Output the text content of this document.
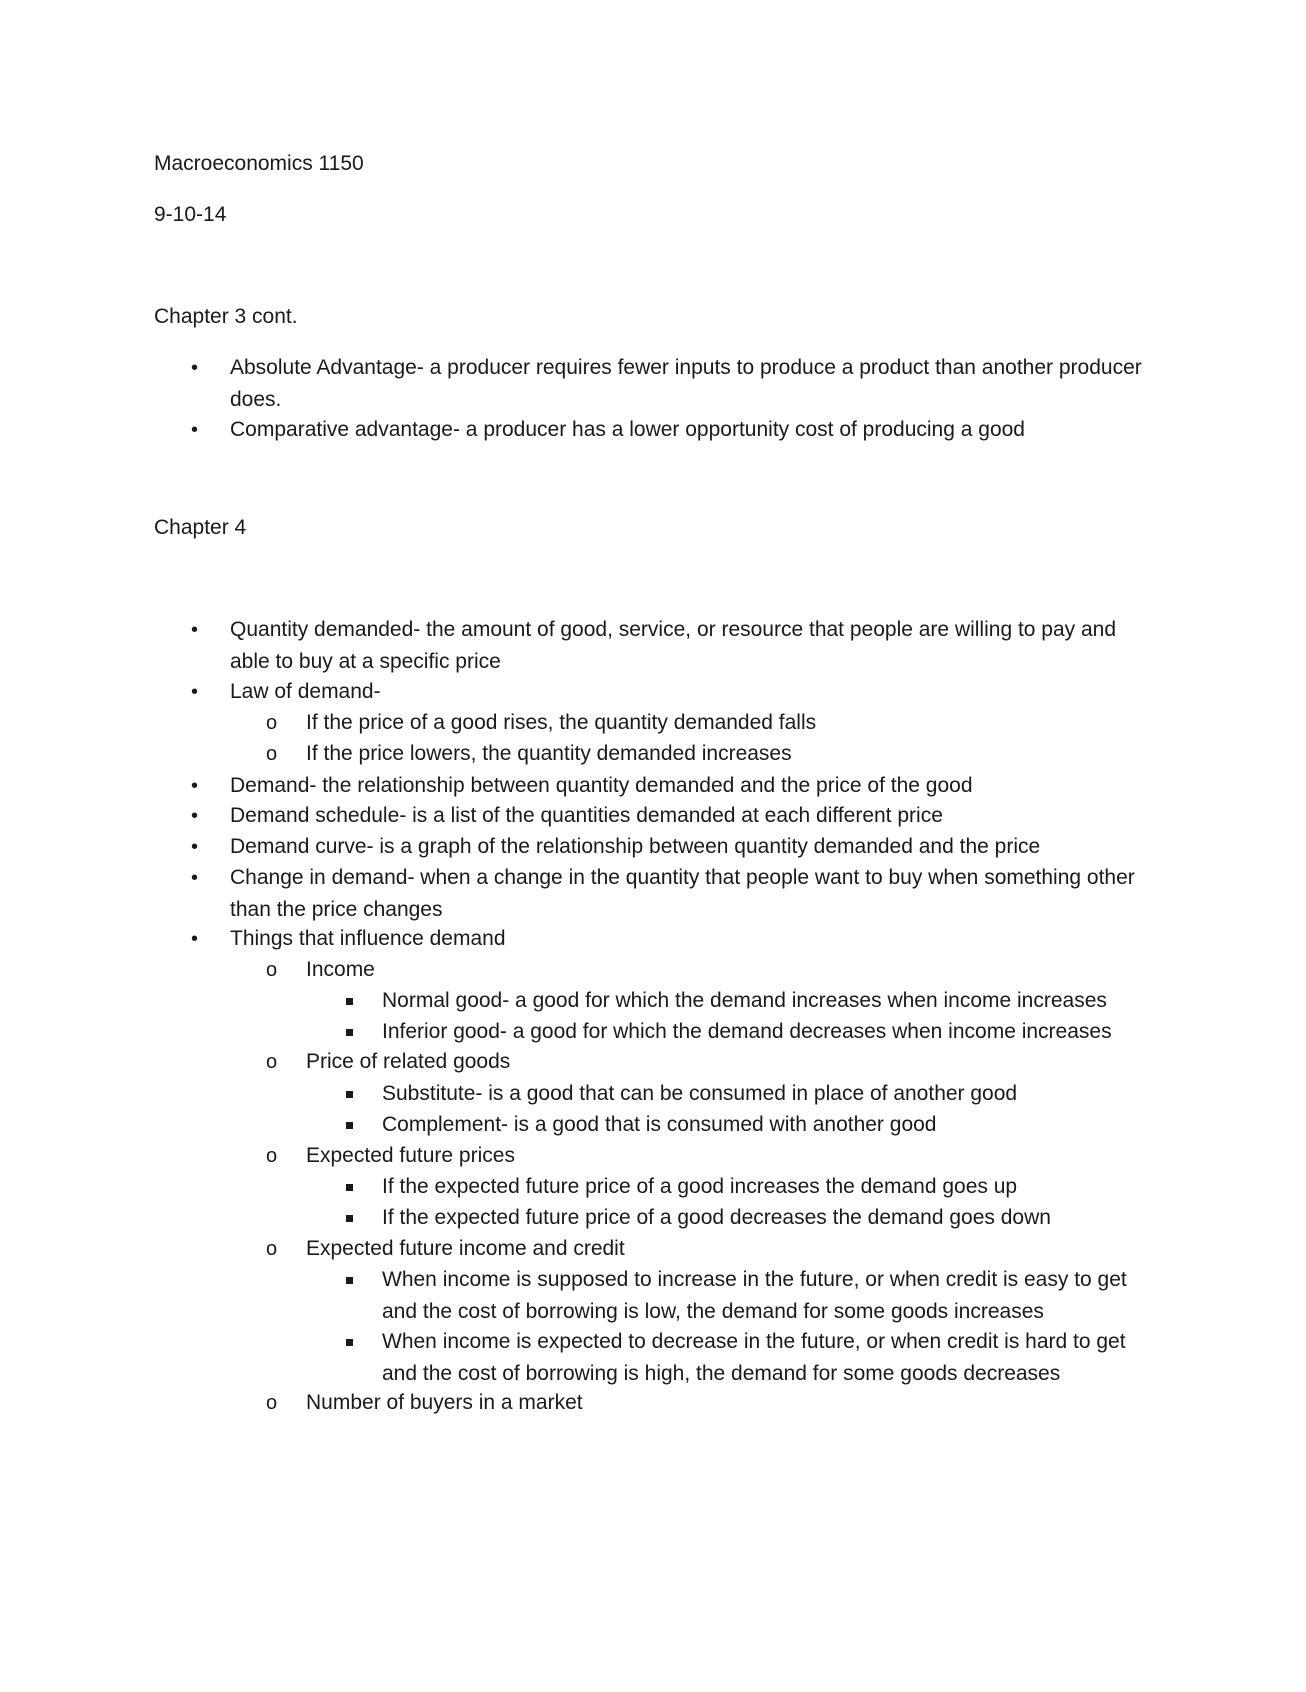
Macroeconomics 1150
9-10-14
Chapter 3 cont.
• Absolute Advantage- a producer requires fewer inputs to produce a product than another producer does.
• Comparative advantage- a producer has a lower opportunity cost of producing a good
Chapter 4
• Quantity demanded- the amount of good, service, or resource that people are willing to pay and able to buy at a specific price
• Law of demand-
o If the price of a good rises, the quantity demanded falls
o If the price lowers, the quantity demanded increases
• Demand- the relationship between quantity demanded and the price of the good
• Demand schedule- is a list of the quantities demanded at each different price
• Demand curve- is a graph of the relationship between quantity demanded and the price
• Change in demand- when a change in the quantity that people want to buy when something other than the price changes
• Things that influence demand
o Income
Normal good- a good for which the demand increases when income increases
Inferior good- a good for which the demand decreases when income increases
o Price of related goods
Substitute- is a good that can be consumed in place of another good
Complement- is a good that is consumed with another good
o Expected future prices
If the expected future price of a good increases the demand goes up
If the expected future price of a good decreases the demand goes down
o Expected future income and credit
When income is supposed to increase in the future, or when credit is easy to get and the cost of borrowing is low, the demand for some goods increases
When income is expected to decrease in the future, or when credit is hard to get and the cost of borrowing is high, the demand for some goods decreases
o Number of buyers in a market
